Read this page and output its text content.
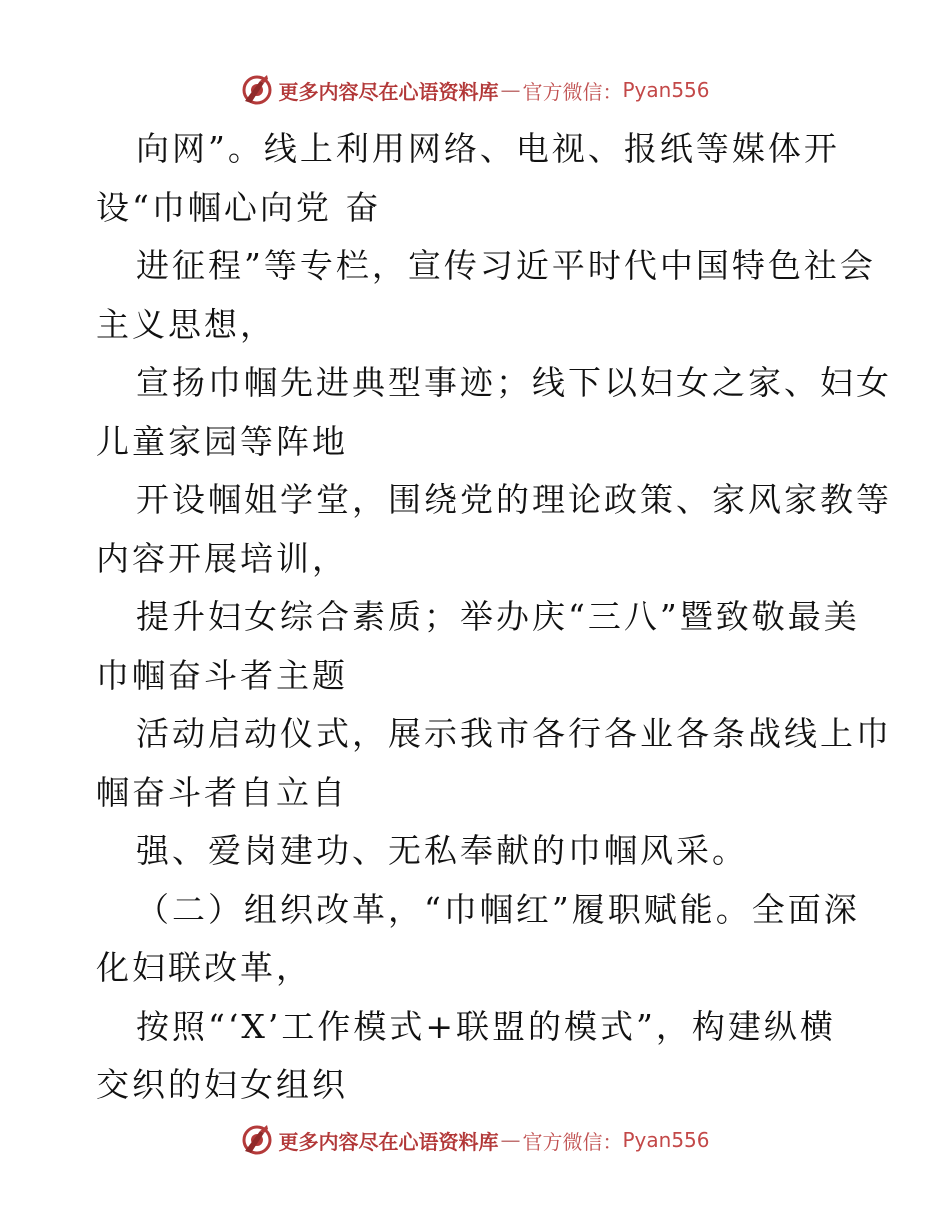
更多内容尽在心语资料库 — 官方微信： Pyan556
向网”。线上利用网络、电视、报纸等媒体开
设“巾帼心向党 奋
进征程”等专栏，宣传习近平时代中国特色社会
主义思想，
宣扬巾帼先进典型事迹；线下以妇女之家、妇女
儿童家园等阵地
开设帼姐学堂，围绕党的理论政策、家风家教等
内容开展培训，
提升妇女综合素质；举办庆“三八”暨致敬最美
巾帼奋斗者主题
活动启动仪式，展示我市各行各业各条战线上巾
帼奋斗者自立自
强、爱岗建功、无私奉献的巾帼风采。
（二）组织改革，“巾帼红”履职赋能。全面深
化妇联改革，
按照“‘X’工作模式+联盟的模式”，构建纵横
交织的妇女组织
更多内容尽在心语资料库 — 官方微信： Pyan556
